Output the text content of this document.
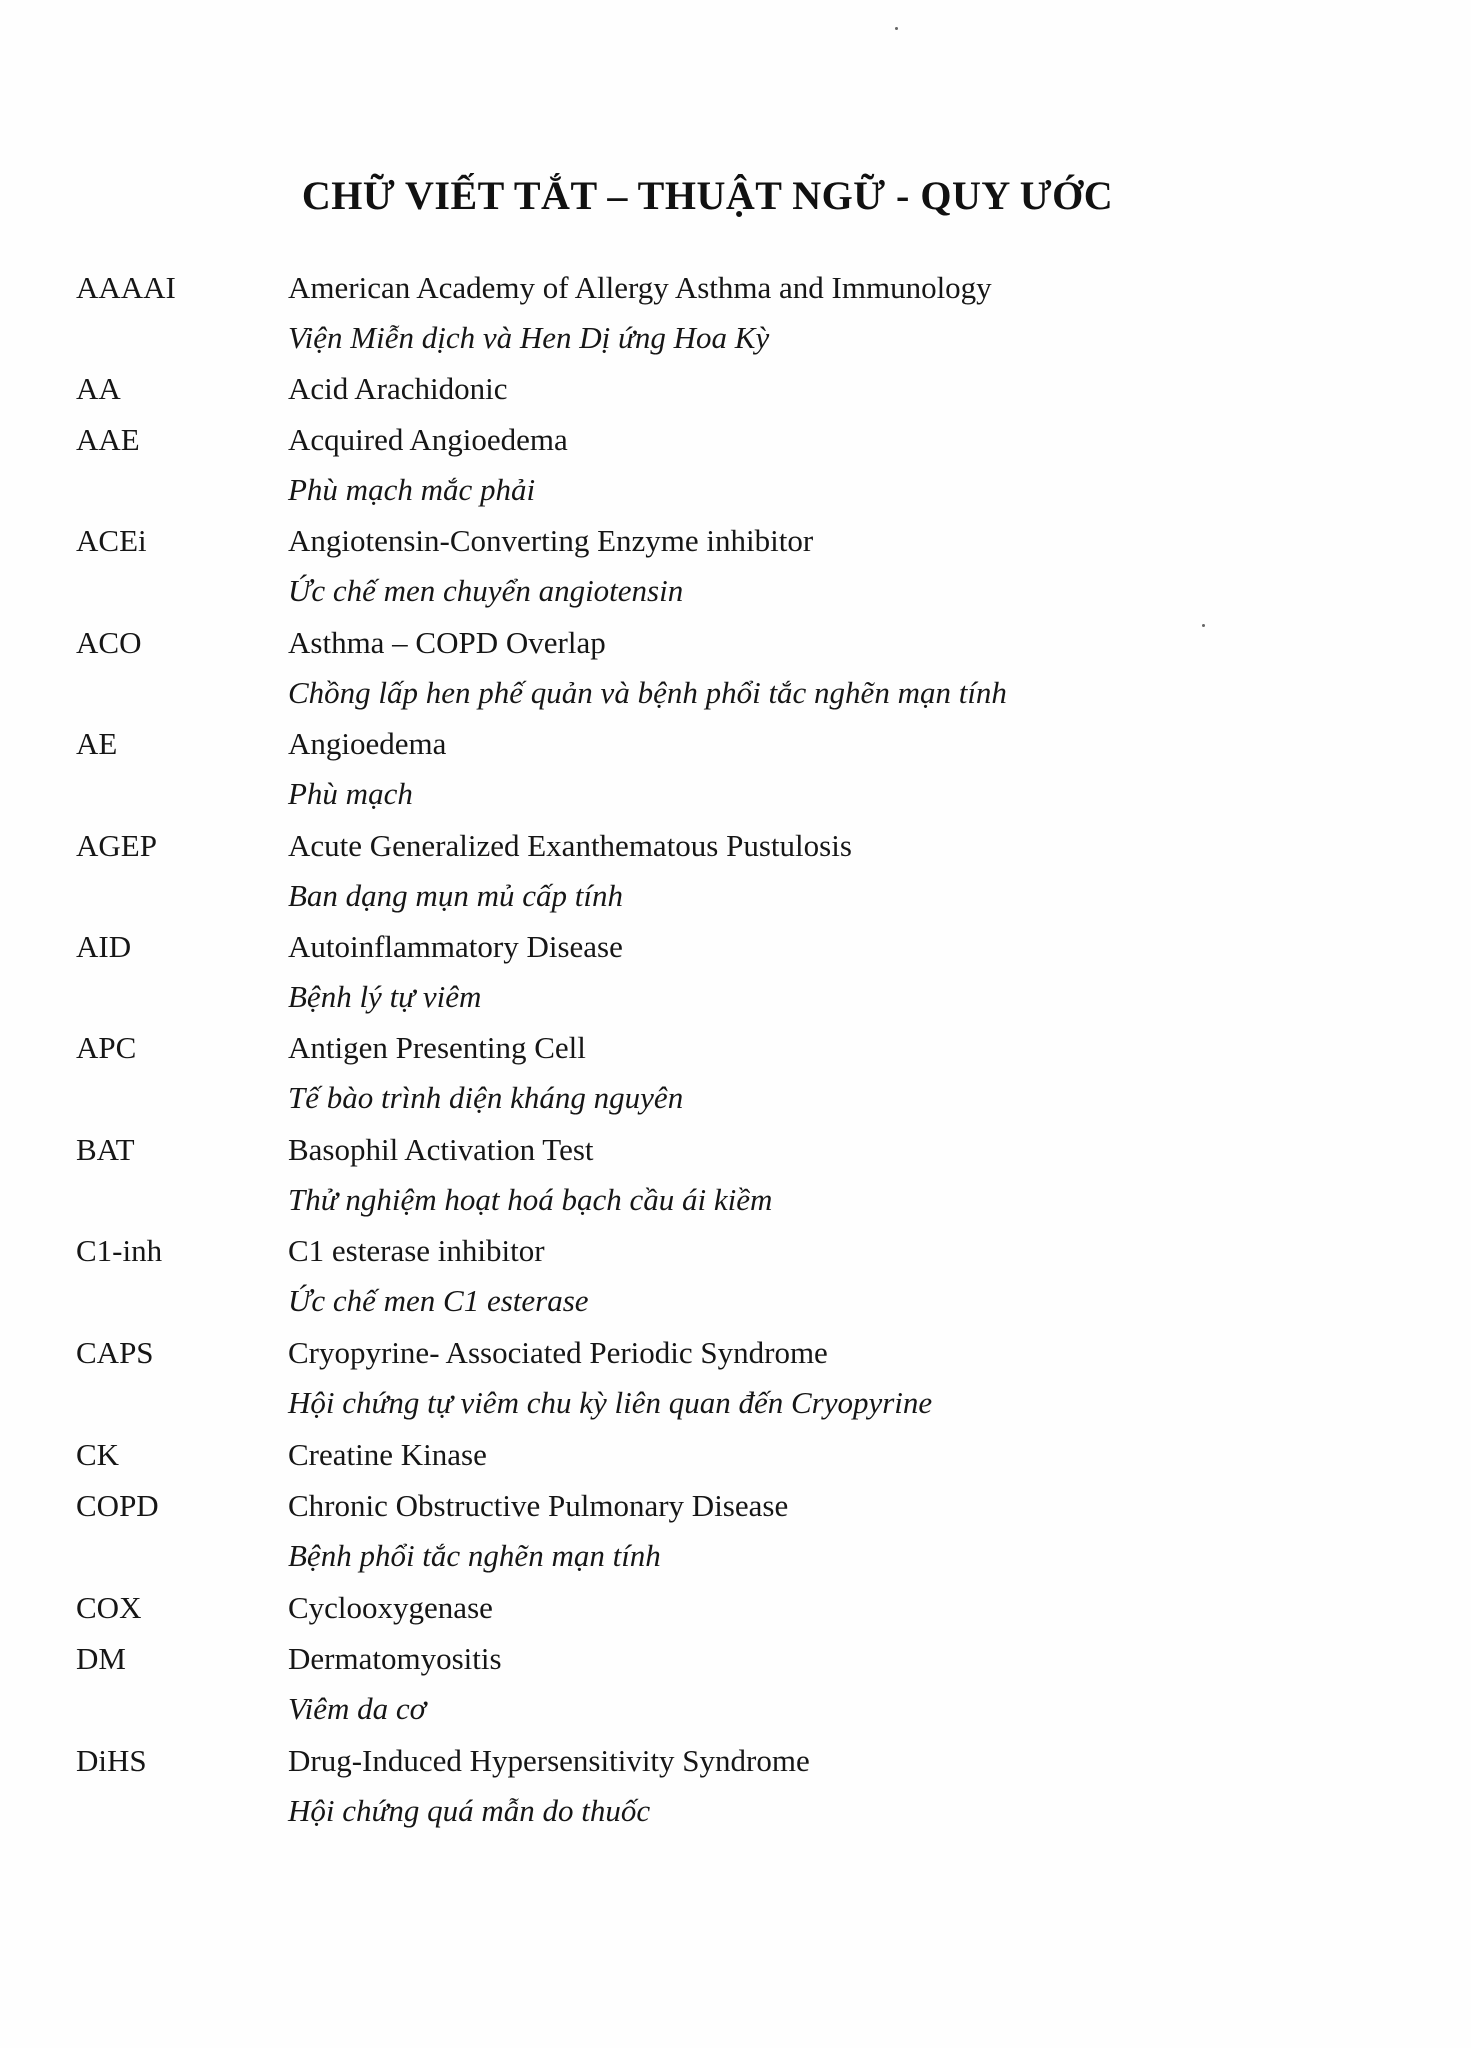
CHỮ VIẾT TẮT – THUẬT NGỮ - QUY ƯỚC
AAAAI	American Academy of Allergy Asthma and Immunology
Viện Miễn dịch và Hen Dị ứng Hoa Kỳ
AA	Acid Arachidonic
AAE	Acquired Angioedema
Phù mạch mắc phải
ACEi	Angiotensin-Converting Enzyme inhibitor
Ức chế men chuyển angiotensin
ACO	Asthma – COPD Overlap
Chồng lấp hen phế quản và bệnh phổi tắc nghẽn mạn tính
AE	Angioedema
Phù mạch
AGEP	Acute Generalized Exanthematous Pustulosis
Ban dạng mụn mủ cấp tính
AID	Autoinflammatory Disease
Bệnh lý tự viêm
APC	Antigen Presenting Cell
Tế bào trình diện kháng nguyên
BAT	Basophil Activation Test
Thử nghiệm hoạt hoá bạch cầu ái kiềm
C1-inh	C1 esterase inhibitor
Ức chế men C1 esterase
CAPS	Cryopyrine- Associated Periodic Syndrome
Hội chứng tự viêm chu kỳ liên quan đến Cryopyrine
CK	Creatine Kinase
COPD	Chronic Obstructive Pulmonary Disease
Bệnh phổi tắc nghẽn mạn tính
COX	Cyclooxygenase
DM	Dermatomyositis
Viêm da cơ
DiHS	Drug-Induced Hypersensitivity Syndrome
Hội chứng quá mẫn do thuốc
